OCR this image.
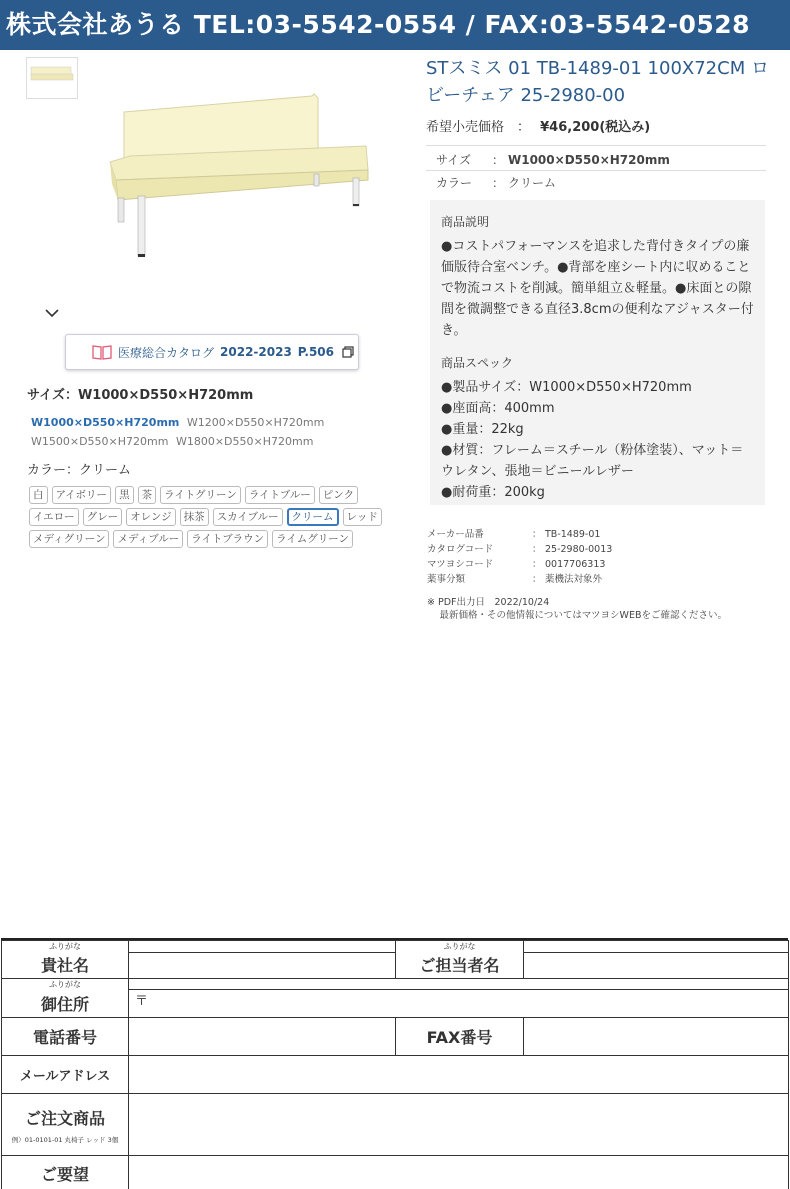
株式会社あうる TEL:03-5542-0554 / FAX:03-5542-0528
医療総合カタログ 2022-2023 P.506
サイズ：W1000×D550×H720mm
W1000×D550×H720mm W1200×D550×H720mm W1500×D550×H720mm W1800×D550×H720mm
カラー：クリーム
白	アイボリー	黒	茶	ライトグリーン	ライトブルー	ピンク
イエロー	グレー	オレンジ	抹茶	スカイブルー	クリーム	レッド
メディグリーン	メディブルー	ライトブラウン	ライムグリーン
STスミス 01 TB-1489-01 100X72CM ロビーチェア 25-2980-00
希望小売価格　： ¥46,200(税込み)
サイズ ： W1000×D550×H720mm
カラー ： クリーム
商品説明

●コストパフォーマンスを追求した背付きタイプの廉価版待合室ベンチ。●背部を座シート内に収めることで物流コストを削減。簡単組立＆軽量。●床面との隙間を微調整できる直径3.8cmの便利なアジャスター付き。

商品スペック
●製品サイズ：W1000×D550×H720mm
●座面高：400mm
●重量：22kg
●材質：フレーム＝スチール（粉体塗装）、マット＝ウレタン、張地＝ビニールレザー
●耐荷重：200kg
メーカー品番	： TB-1489-01
カタログコード	： 25-2980-0013
マツヨシコード	： 0017706313
薬事分類	： 薬機法対象外
※ PDF出力日　2022/10/24
　 最新価格・その他情報についてはマツヨシWEBをご確認ください。
ふりがな		ふりがな	
貴社名		ご担当者名	
ふりがな			
御住所	〒		
電話番号		FAX番号	
メールアドレス			

ご注文商品
例）01-0101-01 丸椅子 レッド 3個			

ご要望			
